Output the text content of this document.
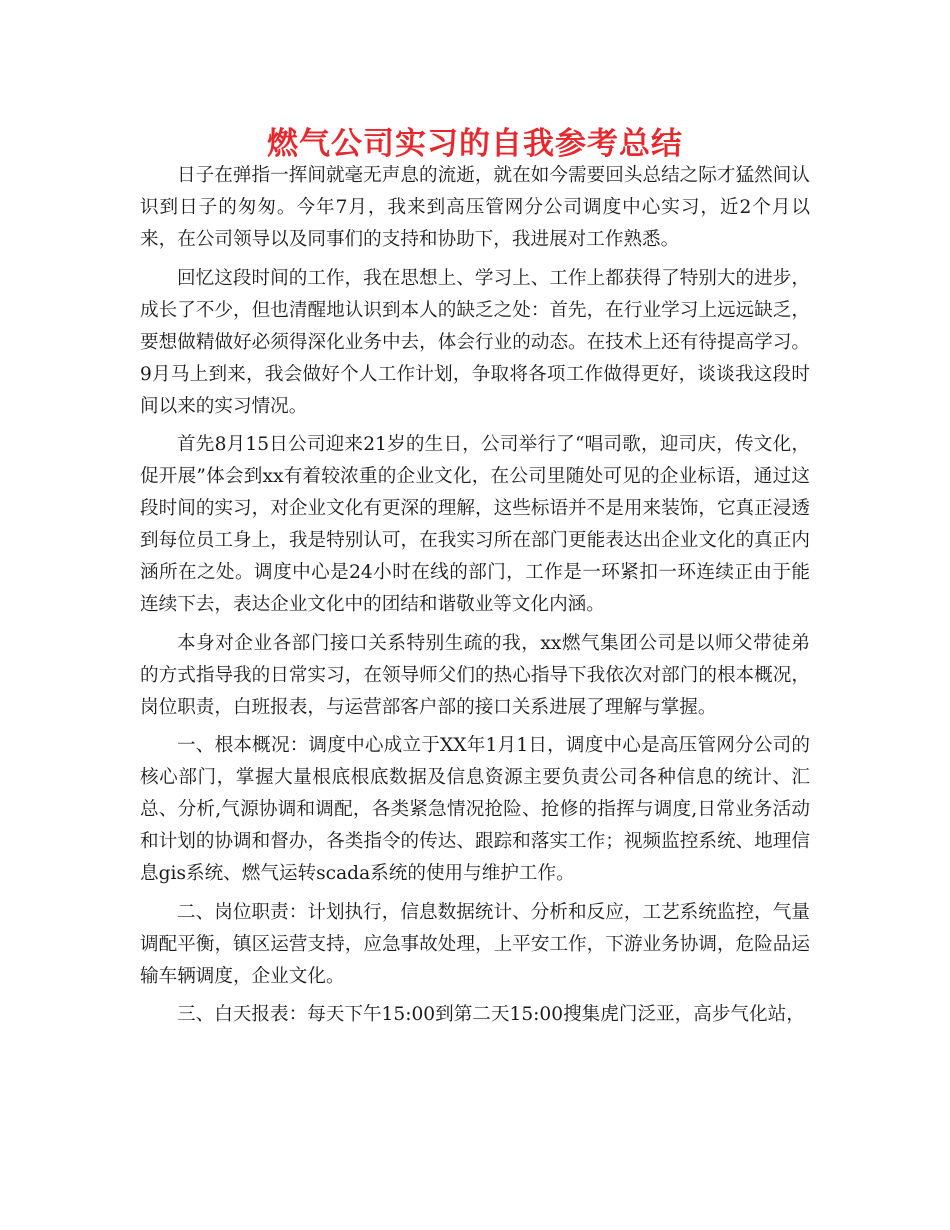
燃气公司实习的自我参考总结

日子在弹指一挥间就毫无声息的流逝，就在如今需要回头总结之际才猛然间认识到日子的匆匆。今年7月，我来到高压管网分公司调度中心实习，近2个月以来，在公司领导以及同事们的支持和协助下，我进展对工作熟悉。

回忆这段时间的工作，我在思想上、学习上、工作上都获得了特别大的进步，成长了不少，但也清醒地认识到本人的缺乏之处：首先，在行业学习上远远缺乏，要想做精做好必须得深化业务中去，体会行业的动态。在技术上还有待提高学习。9月马上到来，我会做好个人工作计划，争取将各项工作做得更好，谈谈我这段时间以来的实习情况。

首先8月15日公司迎来21岁的生日，公司举行了“唱司歌，迎司庆，传文化，促开展”体会到xx有着较浓重的企业文化，在公司里随处可见的企业标语，通过这段时间的实习，对企业文化有更深的理解，这些标语并不是用来装饰，它真正浸透到每位员工身上，我是特别认可，在我实习所在部门更能表达出企业文化的真正内涵所在之处。调度中心是24小时在线的部门，工作是一环紧扣一环连续正由于能连续下去，表达企业文化中的团结和谐敬业等文化内涵。

本身对企业各部门接口关系特别生疏的我，xx燃气集团公司是以师父带徒弟的方式指导我的日常实习，在领导师父们的热心指导下我依次对部门的根本概况，岗位职责，白班报表，与运营部客户部的接口关系进展了理解与掌握。

一、根本概况：调度中心成立于XX年1月1日，调度中心是高压管网分公司的核心部门，掌握大量根底根底数据及信息资源主要负责公司各种信息的统计、汇总、分析,气源协调和调配，各类紧急情况抢险、抢修的指挥与调度,日常业务活动和计划的协调和督办，各类指令的传达、跟踪和落实工作；视频监控系统、地理信息gis系统、燃气运转scada系统的使用与维护工作。

二、岗位职责：计划执行，信息数据统计、分析和反应，工艺系统监控，气量调配平衡，镇区运营支持，应急事故处理，上平安工作，下游业务协调，危险品运输车辆调度，企业文化。

三、白天报表：每天下午15:00到第二天15:00搜集虎门泛亚，高步气化站，
